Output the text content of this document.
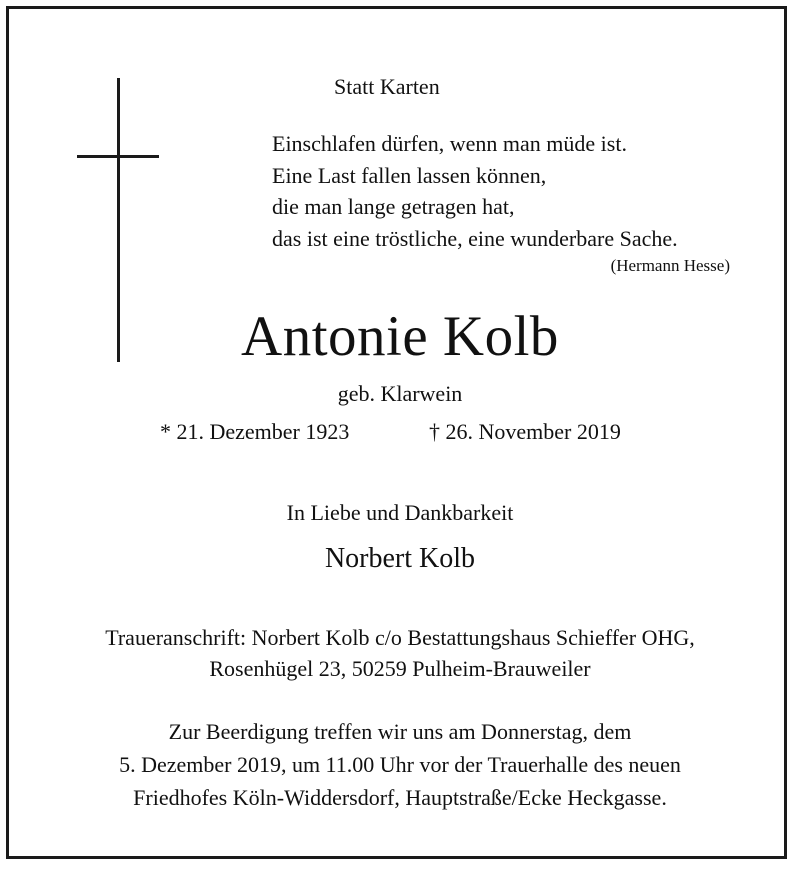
Statt Karten
Einschlafen dürfen, wenn man müde ist.
Eine Last fallen lassen können,
die man lange getragen hat,
das ist eine tröstliche, eine wunderbare Sache.
(Hermann Hesse)
Antonie Kolb
geb. Klarwein
* 21. Dezember 1923	† 26. November 2019
In Liebe und Dankbarkeit
Norbert Kolb
Traueranschrift: Norbert Kolb c/o Bestattungshaus Schieffer OHG,
Rosenhügel 23, 50259 Pulheim-Brauweiler
Zur Beerdigung treffen wir uns am Donnerstag, dem
5. Dezember 2019, um 11.00 Uhr vor der Trauerhalle des neuen
Friedhofes Köln-Widdersdorf, Hauptstraße/Ecke Heckgasse.
